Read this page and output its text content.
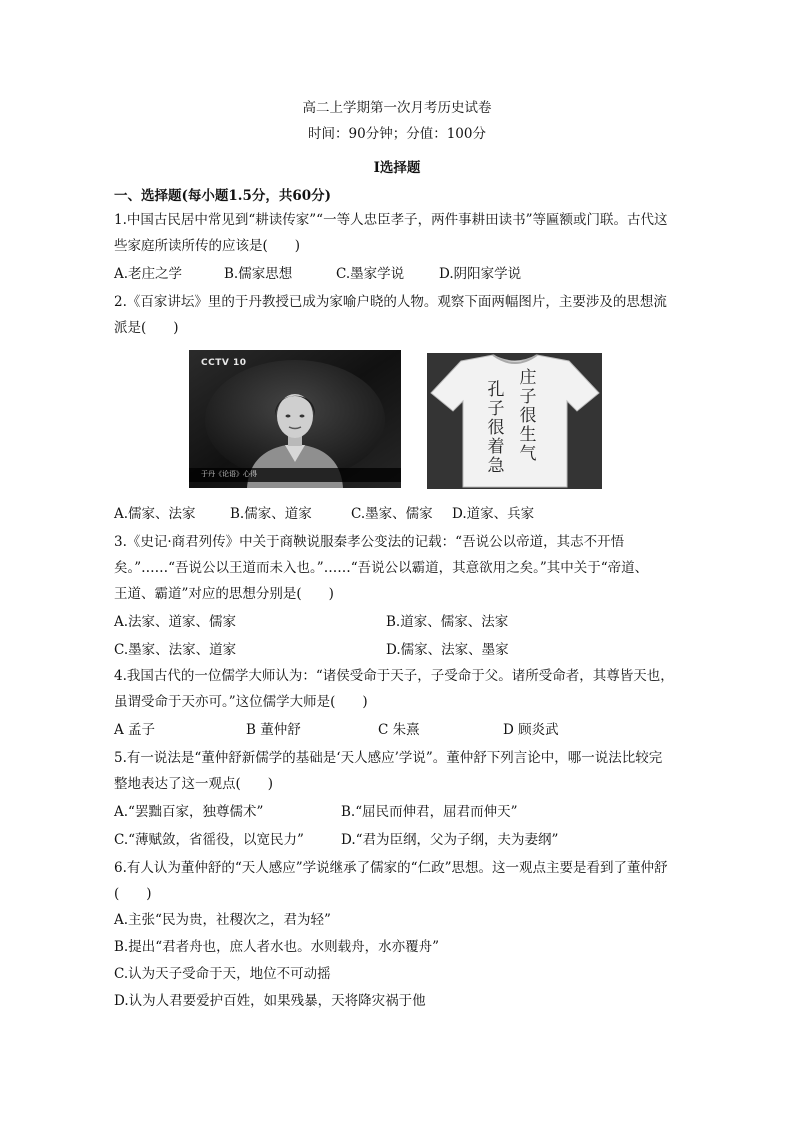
高二上学期第一次月考历史试卷
时间：90分钟；分值：100分
I选择题
一、选择题(每小题1.5分，共60分)
1.中国古民居中常见到“耕读传家”“一等人忠臣孝子，两件事耕田读书”等匾额或门联。古代这
些家庭所读所传的应该是(　　)
A.老庄之学	B.儒家思想	C.墨家学说	D.阴阳家学说
2.《百家讲坛》里的于丹教授已成为家喻户晓的人物。观察下面两幅图片，主要涉及的思想流
派是(　　)
CCTV 10
于丹《论语》心得
孔子很着急
庄子很生气
A.儒家、法家	B.儒家、道家	C.墨家、儒家 D.道家、兵家
3.《史记·商君列传》中关于商鞅说服秦孝公变法的记载：“吾说公以帝道，其志不开悟
矣。”……“吾说公以王道而未入也。”……“吾说公以霸道，其意欲用之矣。”其中关于“帝道、
王道、霸道”对应的思想分别是(　　)
A.法家、道家、儒家	B.道家、儒家、法家
C.墨家、法家、道家	D.儒家、法家、墨家
4.我国古代的一位儒学大师认为：“诸侯受命于天子，子受命于父。诸所受命者，其尊皆天也，
虽谓受命于天亦可。”这位儒学大师是(　　)
A 孟子	B 董仲舒	C 朱熹	D 顾炎武
5.有一说法是“董仲舒新儒学的基础是‘天人感应’学说”。董仲舒下列言论中，哪一说法比较完
整地表达了这一观点(　　)
A.“罢黜百家，独尊儒术”	B.“屈民而伸君，屈君而伸天”
C.“薄赋敛，省徭役，以宽民力”	D.“君为臣纲，父为子纲，夫为妻纲”
6.有人认为董仲舒的“天人感应”学说继承了儒家的“仁政”思想。这一观点主要是看到了董仲舒
(　　)
A.主张“民为贵，社稷次之，君为轻”
B.提出“君者舟也，庶人者水也。水则载舟，水亦覆舟”
C.认为天子受命于天，地位不可动摇
D.认为人君要爱护百姓，如果残暴，天将降灾祸于他
